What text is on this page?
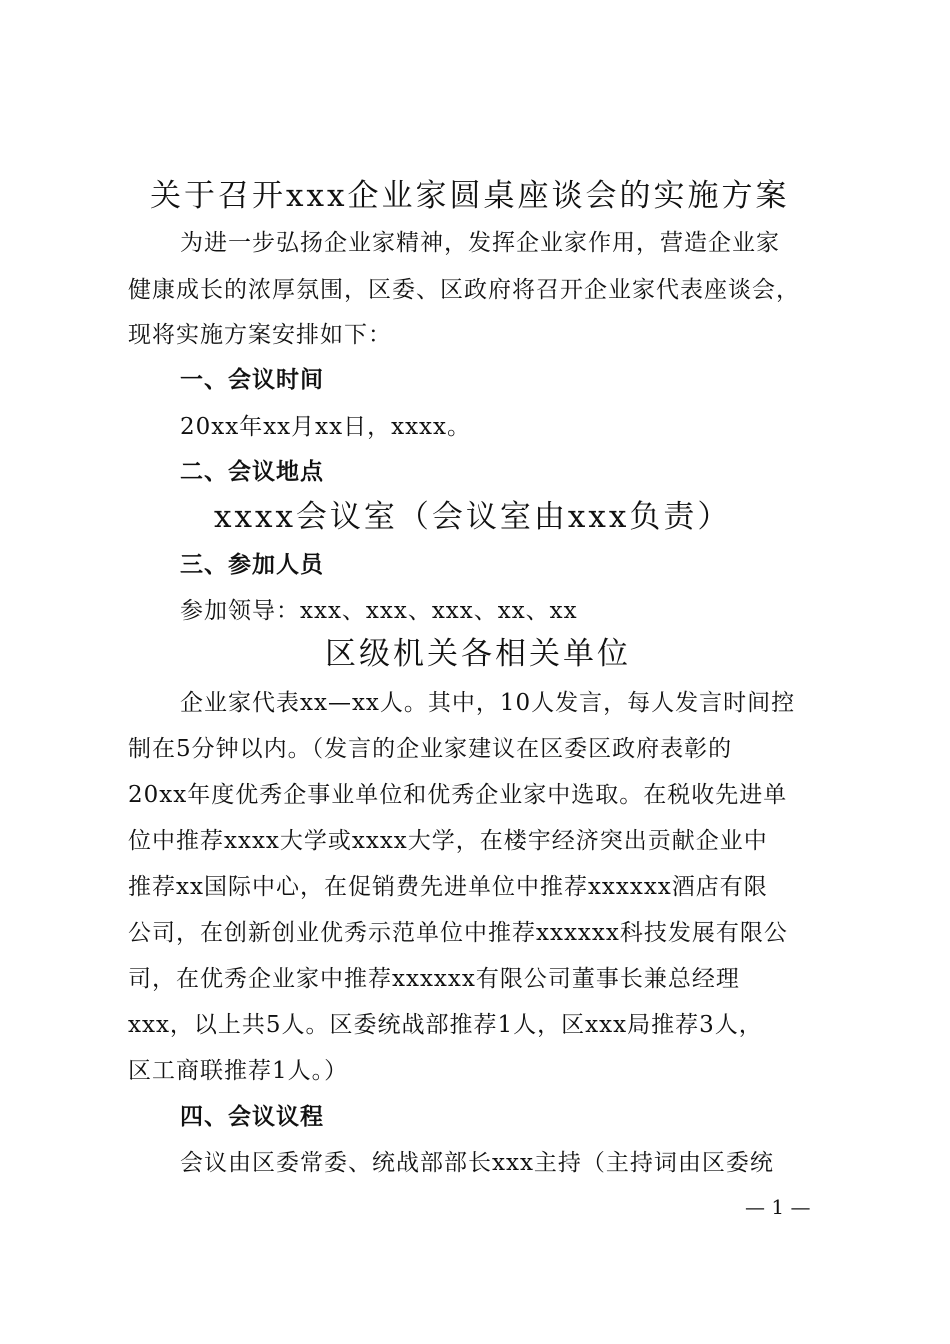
关于召开xxx企业家圆桌座谈会的实施方案
为进一步弘扬企业家精神，发挥企业家作用，营造企业家
健康成长的浓厚氛围，区委、区政府将召开企业家代表座谈会，
现将实施方案安排如下：
一、会议时间
20xx年xx月xx日，xxxx。
二、会议地点
xxxx会议室（会议室由xxx负责）
三、参加人员
参加领导：xxx、xxx、xxx、xx、xx
区级机关各相关单位
企业家代表xx—xx人。其中，10人发言，每人发言时间控
制在5分钟以内。（发言的企业家建议在区委区政府表彰的
20xx年度优秀企事业单位和优秀企业家中选取。在税收先进单
位中推荐xxxx大学或xxxx大学，在楼宇经济突出贡献企业中
推荐xx国际中心，在促销费先进单位中推荐xxxxxx酒店有限
公司，在创新创业优秀示范单位中推荐xxxxxx科技发展有限公
司，在优秀企业家中推荐xxxxxx有限公司董事长兼总经理
xxx，以上共5人。区委统战部推荐1人，区xxx局推荐3人，
区工商联推荐1人。）
四、会议议程
会议由区委常委、统战部部长xxx主持（主持词由区委统
— 1 —
